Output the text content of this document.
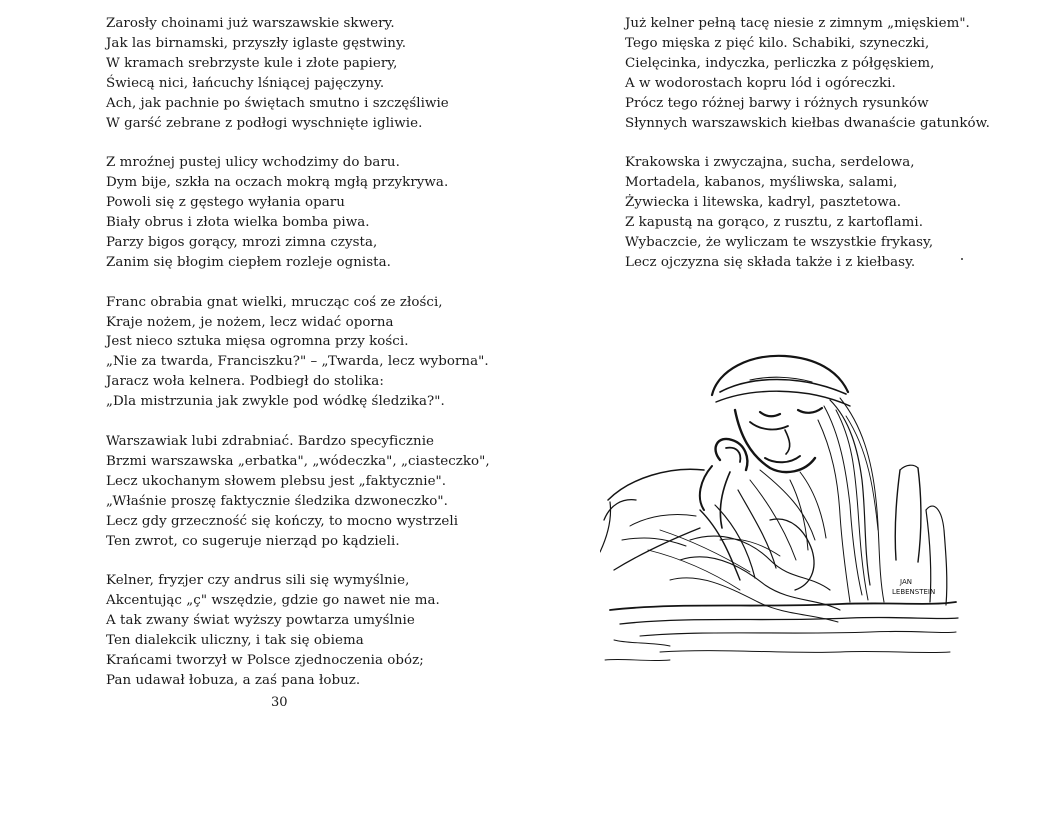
Zarosły choinami już warszawskie skwery.
Jak las birnamski, przyszły iglaste gęstwiny.
W kramach srebrzyste kule i złote papiery,
Świecą nici, łańcuchy lśniącej pajęczyny.
Ach, jak pachnie po świętach smutno i szczęśliwie
W garść zebrane z podłogi wyschnięte igliwie.
Z mroźnej pustej ulicy wchodzimy do baru.
Dym bije, szkła na oczach mokrą mgłą przykrywa.
Powoli się z gęstego wyłania oparu
Biały obrus i złota wielka bomba piwa.
Parzy bigos gorący, mrozi zimna czysta,
Zanim się błogim ciepłem rozleje ognista.
Franc obrabia gnat wielki, mrucząc coś ze złości,
Kraje nożem, je nożem, lecz widać oporna
Jest nieco sztuka mięsa ogromna przy kości.
„Nie za twarda, Franciszku?" – „Twarda, lecz wyborna".
Jaracz woła kelnera. Podbiegł do stolika:
„Dla mistrzunia jak zwykle pod wódkę śledzika?".
Warszawiak lubi zdrabniać. Bardzo specyficznie
Brzmi warszawska „erbatka", „wódeczka", „ciasteczko",
Lecz ukochanym słowem plebsu jest „faktycznie".
„Właśnie proszę faktycznie śledzika dzwoneczko".
Lecz gdy grzeczność się kończy, to mocno wystrzeli
Ten zwrot, co sugeruje nierząd po kądzieli.
Kelner, fryzjer czy andrus sili się wymyślnie,
Akcentując „ç" wszędzie, gdzie go nawet nie ma.
A tak zwany świat wyższy powtarza umyślnie
Ten dialekcik uliczny, i tak się obiema
Krańcami tworzył w Polsce zjednoczenia obóz;
Pan udawał łobuza, a zaś pana łobuz.
Już kelner pełną tacę niesie z zimnym „mięskiem".
Tego mięska z pięć kilo. Schabiki, szyneczki,
Cielęcinka, indyczka, perliczka z półgęskiem,
A w wodorostach kopru lód i ogóreczki.
Prócz tego różnej barwy i różnych rysunków
Słynnych warszawskich kiełbas dwanaście gatunków.
Krakowska i zwyczajna, sucha, serdelowa,
Mortadela, kabanos, myśliwska, salami,
Żywiecka i litewska, kadryl, pasztetowa.
Z kapustą na gorąco, z rusztu, z kartoflami.
Wybaczcie, że wyliczam te wszystkie frykasy,
Lecz ojczyzna się składa także i z kiełbasy.
30
JAN
LEBENSTEIN
